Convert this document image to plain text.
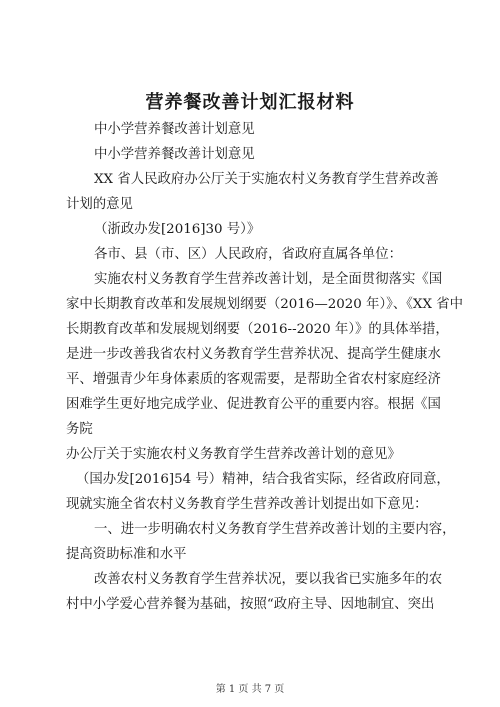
营养餐改善计划汇报材料
中小学营养餐改善计划意见
中小学营养餐改善计划意见
XX 省人民政府办公厅关于实施农村义务教育学生营养改善
计划的意见
（浙政办发[2016]30 号）》
各市、县（市、区）人民政府，省政府直属各单位：
实施农村义务教育学生营养改善计划，是全面贯彻落实《国
家中长期教育改革和发展规划纲要（2016—2020 年）》、《XX 省中
长期教育改革和发展规划纲要（2016--2020 年）》的具体举措，
是进一步改善我省农村义务教育学生营养状况、提高学生健康水
平、增强青少年身体素质的客观需要，是帮助全省农村家庭经济
困难学生更好地完成学业、促进教育公平的重要内容。根据《国
务院
办公厅关于实施农村义务教育学生营养改善计划的意见》
（国办发[2016]54 号）精神，结合我省实际，经省政府同意，
现就实施全省农村义务教育学生营养改善计划提出如下意见：
一、进一步明确农村义务教育学生营养改善计划的主要内容，
提高资助标准和水平
改善农村义务教育学生营养状况，要以我省已实施多年的农
村中小学爱心营养餐为基础，按照“政府主导、因地制宜、突出
第 1 页 共 7 页
